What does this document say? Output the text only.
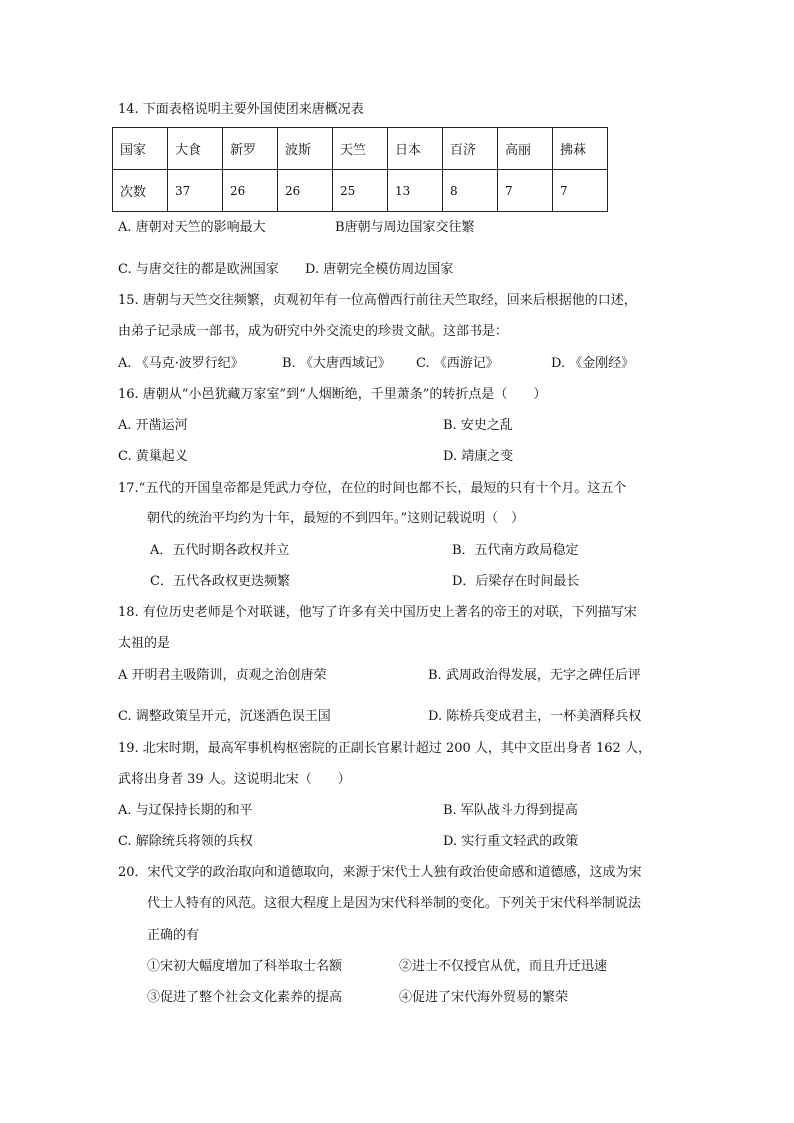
14. 下面表格说明主要外国使团来唐概况表
国家	大食	新罗	波斯	天竺	日本	百济	高丽	拂菻
次数	37	26	26	25	13	8	7	7
A. 唐朝对天竺的影响最大	B唐朝与周边国家交往繁
C. 与唐交往的都是欧洲国家 D. 唐朝完全模仿周边国家
15. 唐朝与天竺交往频繁，贞观初年有一位高僧西行前往天竺取经，回来后根据他的口述，
由弟子记录成一部书，成为研究中外交流史的珍贵文献。这部书是：
A. 《马克·波罗行纪》	B. 《大唐西域记》 C. 《西游记》	D. 《金刚经》
16. 唐朝从“小邑犹藏万家室”到“人烟断绝，千里萧条”的转折点是（　　）
A. 开凿运河	B. 安史之乱
C. 黄巢起义	D. 靖康之变
17.“五代的开国皇帝都是凭武力夺位，在位的时间也都不长，最短的只有十个月。这五个
朝代的统治平均约为十年，最短的不到四年。”这则记载说明（　）
A．五代时期各政权并立	B．五代南方政局稳定
C．五代各政权更迭频繁	D．后梁存在时间最长
18. 有位历史老师是个对联谜，他写了许多有关中国历史上著名的帝王的对联，下列描写宋
太祖的是
A 开明君主吸隋训，贞观之治创唐荣	B. 武周政治得发展，无字之碑任后评
C. 调整政策呈开元，沉迷酒色误王国	D. 陈桥兵变成君主，一杯美酒释兵权
19. 北宋时期，最高军事机构枢密院的正副长官累计超过 200 人，其中文臣出身者 162 人，
武将出身者 39 人。这说明北宋（　　）
A. 与辽保持长期的和平	B. 军队战斗力得到提高
C. 解除统兵将领的兵权	D. 实行重文轻武的政策
20．宋代文学的政治取向和道德取向，来源于宋代士人独有政治使命感和道德感，这成为宋
代士人特有的风范。这很大程度上是因为宋代科举制的变化。下列关于宋代科举制说法
正确的有
①宋初大幅度增加了科举取士名额	②进士不仅授官从优，而且升迁迅速
③促进了整个社会文化素养的提高	④促进了宋代海外贸易的繁荣
